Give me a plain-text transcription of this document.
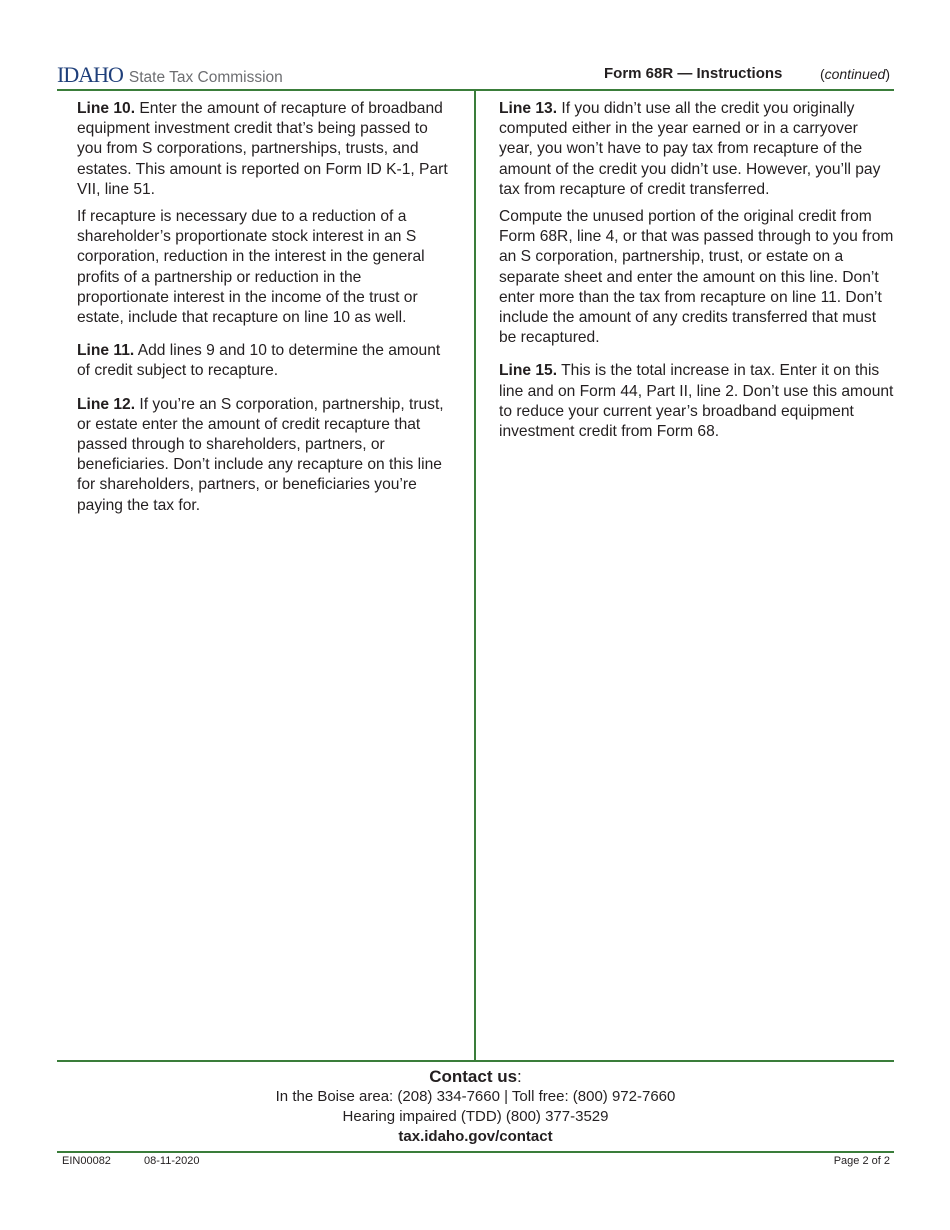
IDAHO State Tax Commission	Form 68R — Instructions	(continued)

Line 10. Enter the amount of recapture of broadband equipment investment credit that’s being passed to you from S corporations, partnerships, trusts, and estates. This amount is reported on Form ID K-1, Part VII, line 51.

If recapture is necessary due to a reduction of a shareholder’s proportionate stock interest in an S corporation, reduction in the interest in the general profits of a partnership or reduction in the proportionate interest in the income of the trust or estate, include that recapture on line 10 as well.

Line 11. Add lines 9 and 10 to determine the amount of credit subject to recapture.

Line 12. If you’re an S corporation, partnership, trust, or estate enter the amount of credit recapture that passed through to shareholders, partners, or beneficiaries. Don’t include any recapture on this line for shareholders, partners, or beneficiaries you’re paying the tax for.

Line 13. If you didn’t use all the credit you originally computed either in the year earned or in a carryover year, you won’t have to pay tax from recapture of the amount of the credit you didn’t use. However, you’ll pay tax from recapture of credit transferred.

Compute the unused portion of the original credit from Form 68R, line 4, or that was passed through to you from an S corporation, partnership, trust, or estate on a separate sheet and enter the amount on this line. Don’t enter more than the tax from recapture on line 11. Don’t include the amount of any credits transferred that must be recaptured.

Line 15. This is the total increase in tax. Enter it on this line and on Form 44, Part II, line 2. Don’t use this amount to reduce your current year’s broadband equipment investment credit from Form 68.

Contact us:
In the Boise area: (208) 334-7660 | Toll free: (800) 972-7660
Hearing impaired (TDD) (800) 377-3529
tax.idaho.gov/contact
EIN00082	08-11-2020	Page 2 of 2
